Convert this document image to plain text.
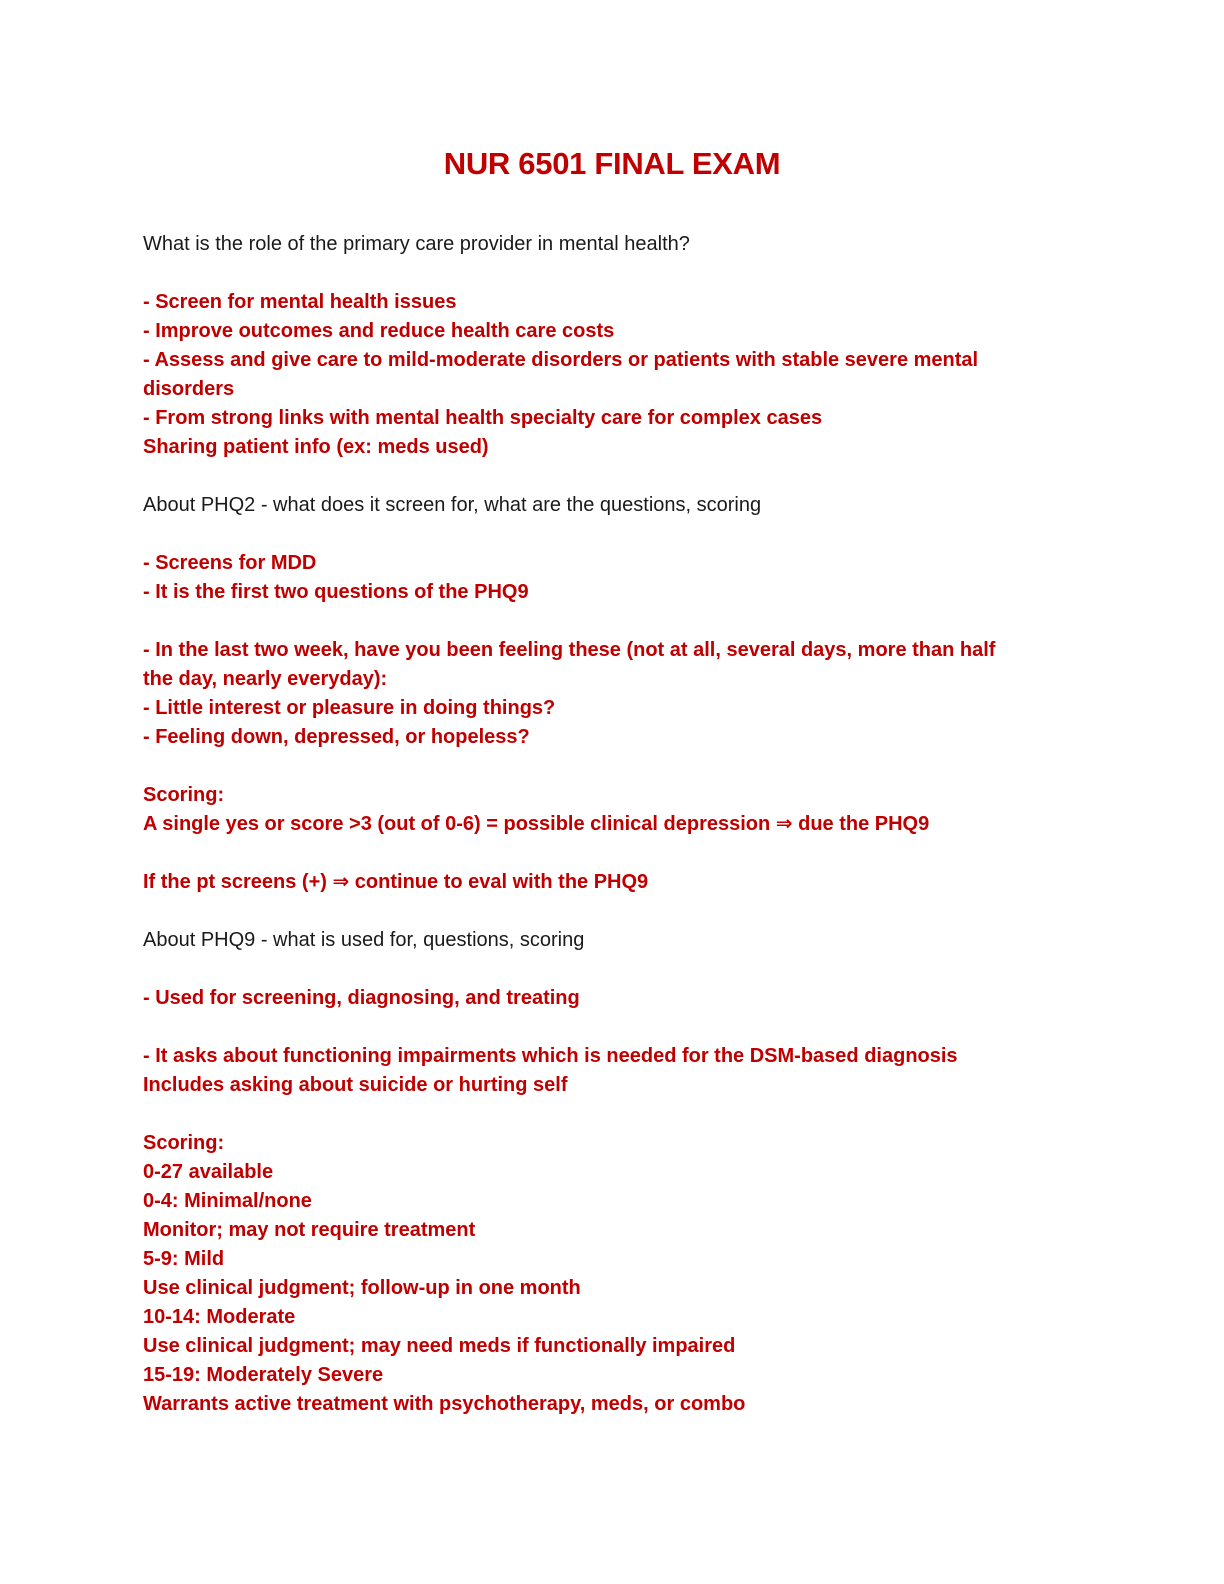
NUR 6501 FINAL EXAM

What is the role of the primary care provider in mental health?

- Screen for mental health issues

- Improve outcomes and reduce health care costs

- Assess and give care to mild-moderate disorders or patients with stable severe mental

disorders

- From strong links with mental health specialty care for complex cases

Sharing patient info (ex: meds used)

About PHQ2 - what does it screen for, what are the questions, scoring

- Screens for MDD

- It is the first two questions of the PHQ9

- In the last two week, have you been feeling these (not at all, several days, more than half

the day, nearly everyday):

- Little interest or pleasure in doing things?

- Feeling down, depressed, or hopeless?

Scoring:

A single yes or score >3 (out of 0-6) = possible clinical depression ⇒ due the PHQ9

If the pt screens (+) ⇒ continue to eval with the PHQ9

About PHQ9 - what is used for, questions, scoring

- Used for screening, diagnosing, and treating

- It asks about functioning impairments which is needed for the DSM-based diagnosis

Includes asking about suicide or hurting self

Scoring:

0-27 available

0-4: Minimal/none

Monitor; may not require treatment

5-9: Mild

Use clinical judgment; follow-up in one month

10-14: Moderate

Use clinical judgment; may need meds if functionally impaired

15-19: Moderately Severe

Warrants active treatment with psychotherapy, meds, or combo
